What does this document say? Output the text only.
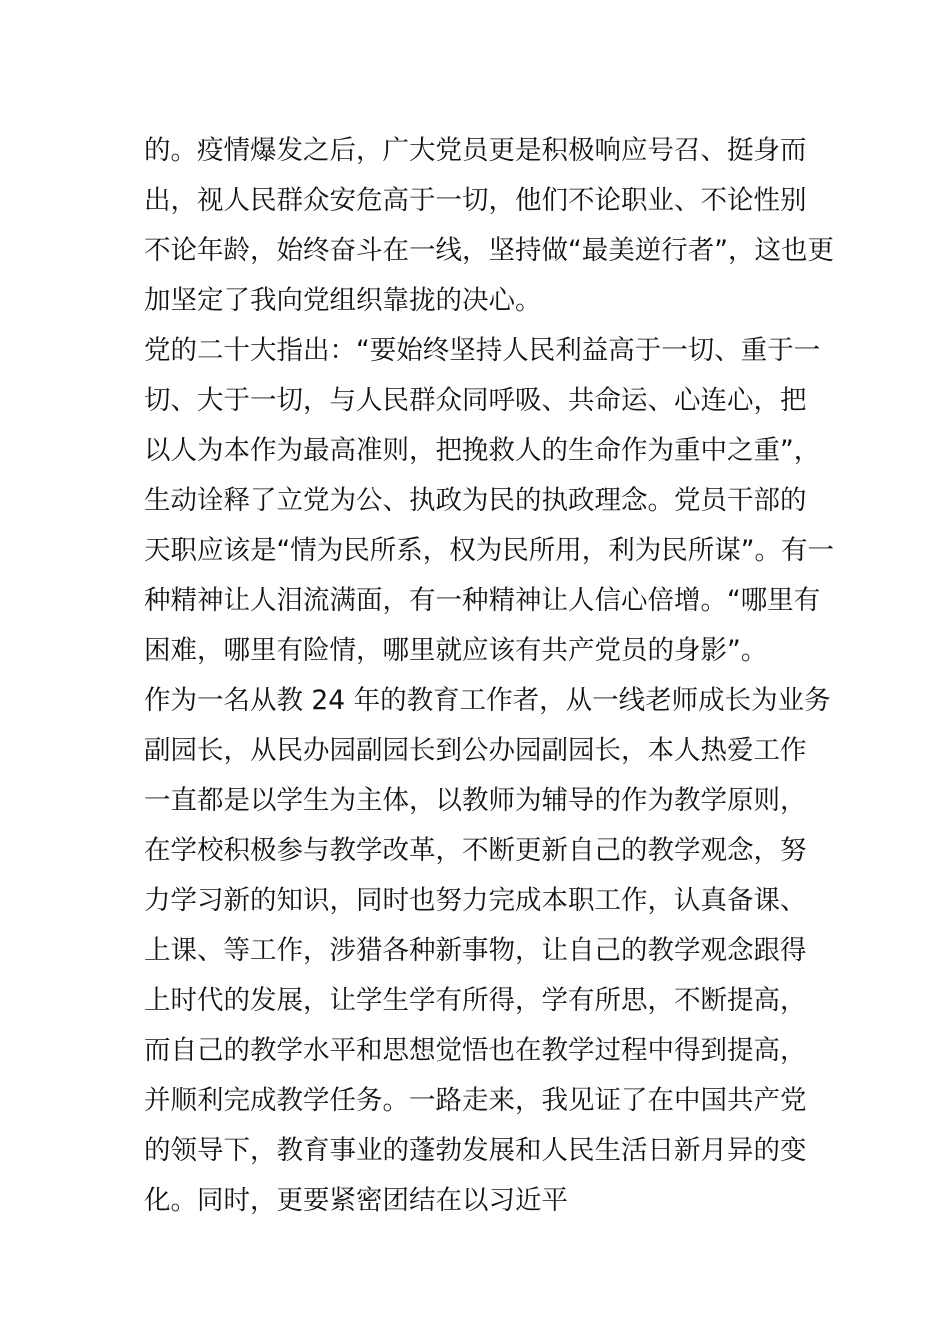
的。疫情爆发之后，广大党员更是积极响应号召、挺身而
出，视人民群众安危高于一切，他们不论职业、不论性别
不论年龄，始终奋斗在一线，坚持做“最美逆行者”，这也更
加坚定了我向党组织靠拢的决心。
党的二十大指出：“要始终坚持人民利益高于一切、重于一
切、大于一切，与人民群众同呼吸、共命运、心连心，把
以人为本作为最高准则，把挽救人的生命作为重中之重”，
生动诠释了立党为公、执政为民的执政理念。党员干部的
天职应该是“情为民所系，权为民所用，利为民所谋”。有一
种精神让人泪流满面，有一种精神让人信心倍增。“哪里有
困难，哪里有险情，哪里就应该有共产党员的身影”。
作为一名从教 24 年的教育工作者，从一线老师成长为业务
副园长，从民办园副园长到公办园副园长，本人热爱工作
一直都是以学生为主体，以教师为辅导的作为教学原则，
在学校积极参与教学改革，不断更新自己的教学观念，努
力学习新的知识，同时也努力完成本职工作，认真备课、
上课、等工作，涉猎各种新事物，让自己的教学观念跟得
上时代的发展，让学生学有所得，学有所思，不断提高，
而自己的教学水平和思想觉悟也在教学过程中得到提高，
并顺利完成教学任务。一路走来，我见证了在中国共产党
的领导下，教育事业的蓬勃发展和人民生活日新月异的变
化。同时，更要紧密团结在以习近平
